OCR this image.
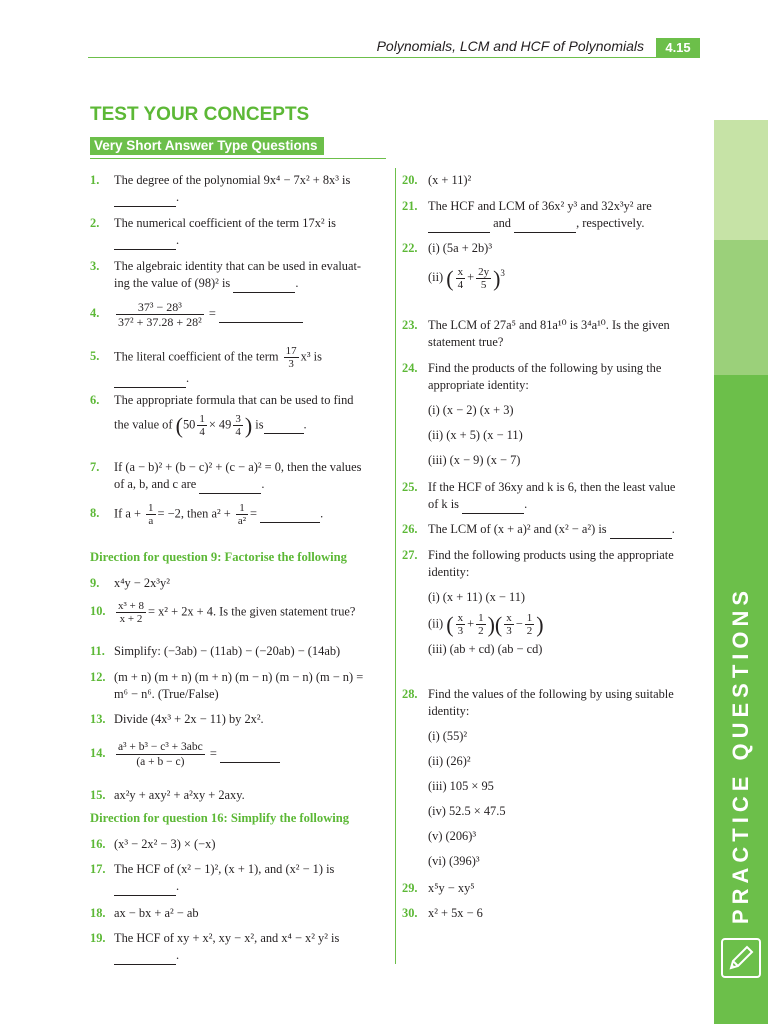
PRACTICE QUESTIONS
Polynomials, LCM and HCF of Polynomials	4.15
TEST YOUR CONCEPTS
Very Short Answer Type Questions
1. The degree of the polynomial 9x⁴ − 7x² + 8x³ is
.
2. The numerical coefficient of the term 17x² is
.
3. The algebraic identity that can be used in evaluat-
ing the value of (98)² is	.
4. $\frac{\text{37³ − 28³}}{\text{37² + 37.28 + 28²}}$ =
5. The literal coefficient of the term $\frac{17}{3} x^3$ is
.
6. The appropriate formula that can be used to find

the value of ($50 \frac{1}{4} \times 49 \frac{3}{4}$ ) is	.
7. If (a − b)² + (b − c)² + (c − a)² = 0, then the values
of a, b, and c are	.
8. If $a + \frac{1}{a} = -2$, then $a^2 + \frac{1}{\text{a²}}$ =	.
Direction for question 9: Factorise the following
9. x⁴y − 2x³y²
10. $\frac{\text{x³ + 8}}{x + 2} = x^2 + 2x + 4$. Is the given statement true?
11. Simplify: (−3ab) − (11ab) − (−20ab) − (14ab)
12. (m + n) (m + n) (m + n) (m − n) (m − n) (m − n) =
m⁶ − n⁶. (True/False)
13. Divide (4x³ + 2x − 11) by 2x².
14. $\frac{\text{a³ + b³ − c³ + 3abc}}{(a + b - c)}$ =
15. ax²y + axy² + a²xy + 2axy.
Direction for question 16: Simplify the following
16. (x³ − 2x² − 3) × (−x)
17. The HCF of (x² − 1)², (x + 1), and (x² − 1) is
.
18. ax − bx + a² − ab
19. The HCF of xy + x², xy − x², and x⁴ − x² y² is
.
20. (x + 11)²
21. The HCF and LCM of 36x² y³ and 32x³y² are
and	, respectively.
22. (i) (5a + 2b)³
(ii) ( $\frac{x}{4} + \frac{2y}{5} )^3$
23. The LCM of 27a⁵ and 81a¹⁰ is 3⁴a¹⁰. Is the given
statement true?
24. Find the products of the following by using the
appropriate identity:
(i) (x − 2) (x + 3)
(ii) (x + 5) (x − 11)
(iii) (x − 9) (x − 7)
25. If the HCF of 36xy and k is 6, then the least value
of k is	.
26. The LCM of (x + a)² and (x² − a²) is	.
27. Find the following products using the appropriate
identity:
(i) (x + 11) (x − 11)
(ii) ( $\frac{x}{3} + \frac{1}{2}$ )( $\frac{x}{3} - \frac{1}{2}$ )
(iii) (ab + cd) (ab − cd)
28. Find the values of the following by using suitable
identity:
(i) (55)²
(ii) (26)²
(iii) 105 × 95
(iv) 52.5 × 47.5
(v) (206)³
(vi) (396)³
29. x⁵y − xy⁵
30. x² + 5x − 6
